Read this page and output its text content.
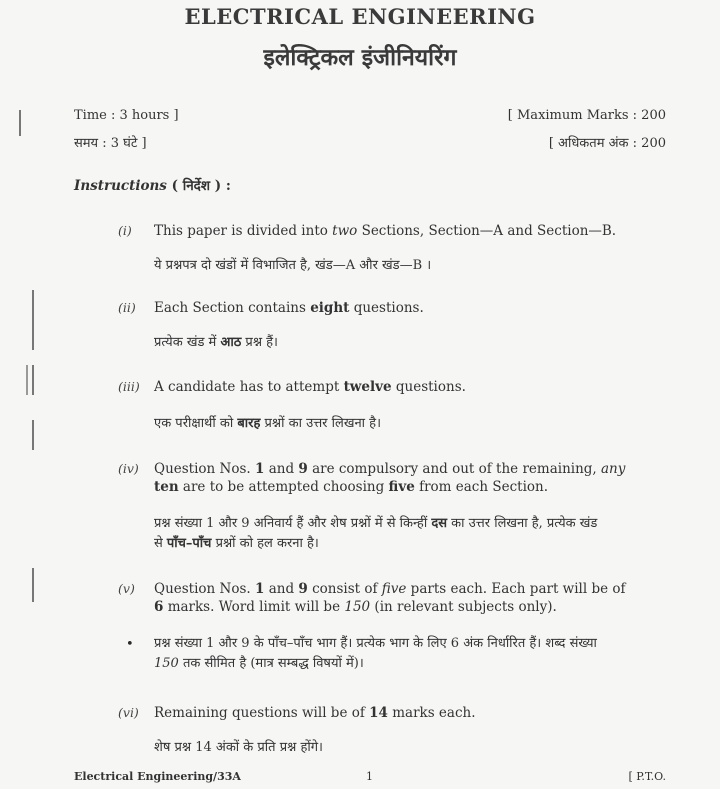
ELECTRICAL ENGINEERING
इलेक्ट्रिकल इंजीनियरिंग
Time : 3 hours ]
समय : 3 घंटे ]
[ Maximum Marks : 200
[ अधिकतम अंक : 200
Instructions ( निर्देश ) :
(i) This paper is divided into two Sections, Section—A and Section—B.
ये प्रश्नपत्र दो खंडों में विभाजित है, खंड—A और खंड—B ।
(ii) Each Section contains eight questions.
प्रत्येक खंड में आठ प्रश्न हैं।
(iii) A candidate has to attempt twelve questions.
एक परीक्षार्थी को बारह प्रश्नों का उत्तर लिखना है।
(iv) Question Nos. 1 and 9 are compulsory and out of the remaining, any
ten are to be attempted choosing five from each Section.
प्रश्न संख्या 1 और 9 अनिवार्य हैं और शेष प्रश्नों में से किन्हीं दस का उत्तर लिखना है, प्रत्येक खंड
से पाँच–पाँच प्रश्नों को हल करना है।
(v) Question Nos. 1 and 9 consist of five parts each. Each part will be of
6 marks. Word limit will be 150 (in relevant subjects only).
• प्रश्न संख्या 1 और 9 के पाँच–पाँच भाग हैं। प्रत्येक भाग के लिए 6 अंक निर्धारित हैं। शब्द संख्या
150 तक सीमित है (मात्र सम्बद्ध विषयों में)।
(vi) Remaining questions will be of 14 marks each.
शेष प्रश्न 14 अंकों के प्रति प्रश्न होंगे।
Electrical Engineering/33A	1	[ P.T.O.
